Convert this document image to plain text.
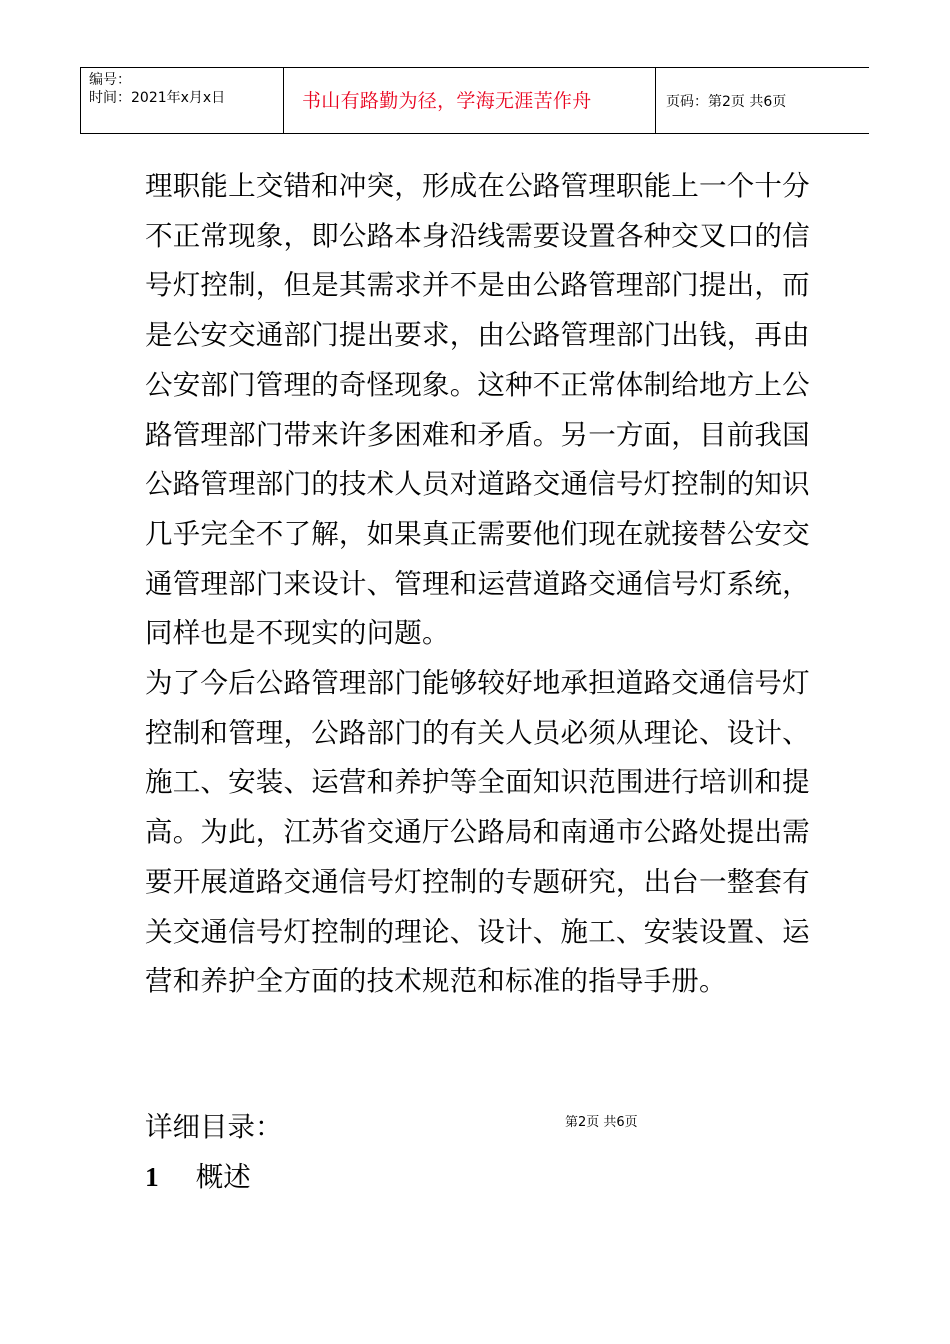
编号：
时间：2021年x月x日	书山有路勤为径，学海无涯苦作舟	页码：第2页 共6页

理职能上交错和冲突，形成在公路管理职能上一个十分不正常现象，即公路本身沿线需要设置各种交叉口的信号灯控制，但是其需求并不是由公路管理部门提出，而是公安交通部门提出要求，由公路管理部门出钱，再由公安部门管理的奇怪现象。这种不正常体制给地方上公路管理部门带来许多困难和矛盾。另一方面，目前我国公路管理部门的技术人员对道路交通信号灯控制的知识几乎完全不了解，如果真正需要他们现在就接替公安交通管理部门来设计、管理和运营道路交通信号灯系统，同样也是不现实的问题。

为了今后公路管理部门能够较好地承担道路交通信号灯控制和管理，公路部门的有关人员必须从理论、设计、施工、安装、运营和养护等全面知识范围进行培训和提高。为此，江苏省交通厅公路局和南通市公路处提出需要开展道路交通信号灯控制的专题研究，出台一整套有关交通信号灯控制的理论、设计、施工、安装设置、运营和养护全方面的技术规范和标准的指导手册。

详细目录：	第2页 共6页
1 概述
